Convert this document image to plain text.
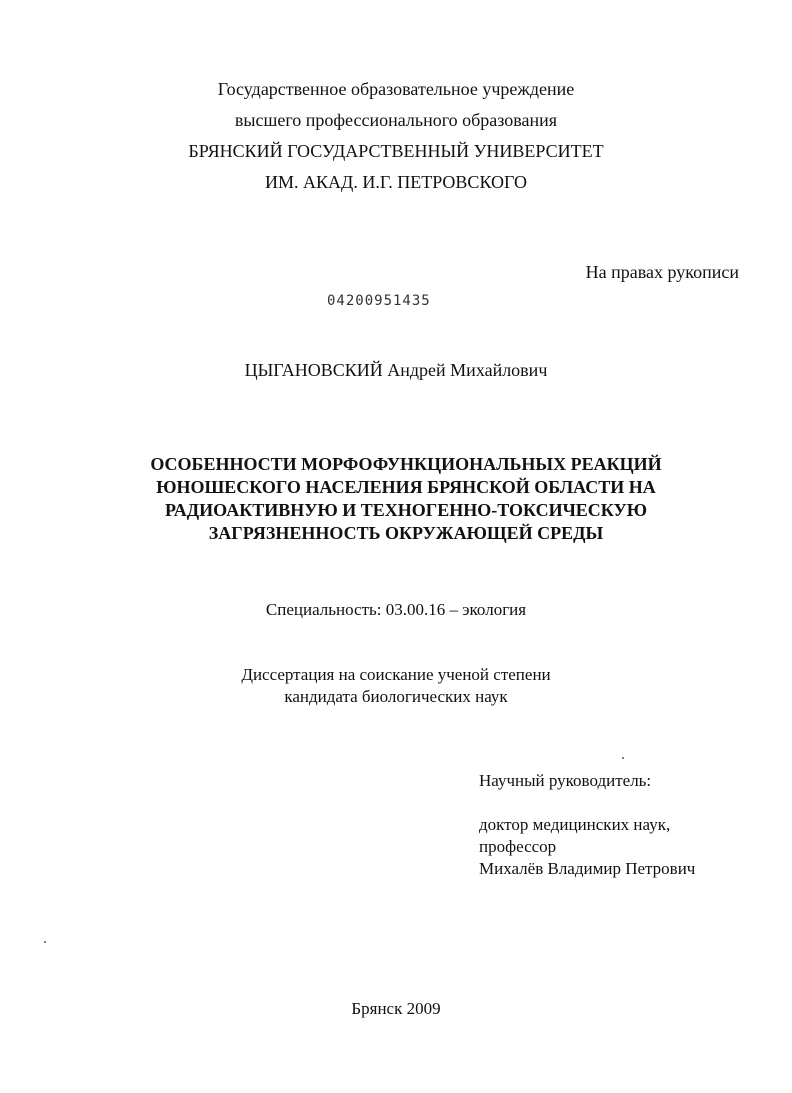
Государственное образовательное учреждение
высшего профессионального образования
БРЯНСКИЙ ГОСУДАРСТВЕННЫЙ УНИВЕРСИТЕТ
ИМ. АКАД. И.Г. ПЕТРОВСКОГО
На правах рукописи
04200951435
ЦЫГАНОВСКИЙ Андрей Михайлович
ОСОБЕННОСТИ МОРФОФУНКЦИОНАЛЬНЫХ РЕАКЦИЙ
ЮНОШЕСКОГО НАСЕЛЕНИЯ БРЯНСКОЙ ОБЛАСТИ НА
РАДИОАКТИВНУЮ И ТЕХНОГЕННО-ТОКСИЧЕСКУЮ
ЗАГРЯЗНЕННОСТЬ ОКРУЖАЮЩЕЙ СРЕДЫ
Специальность: 03.00.16 – экология
Диссертация на соискание ученой степени
кандидата биологических наук
Научный руководитель:
доктор медицинских наук,
профессор
Михалёв Владимир Петрович
Брянск 2009
